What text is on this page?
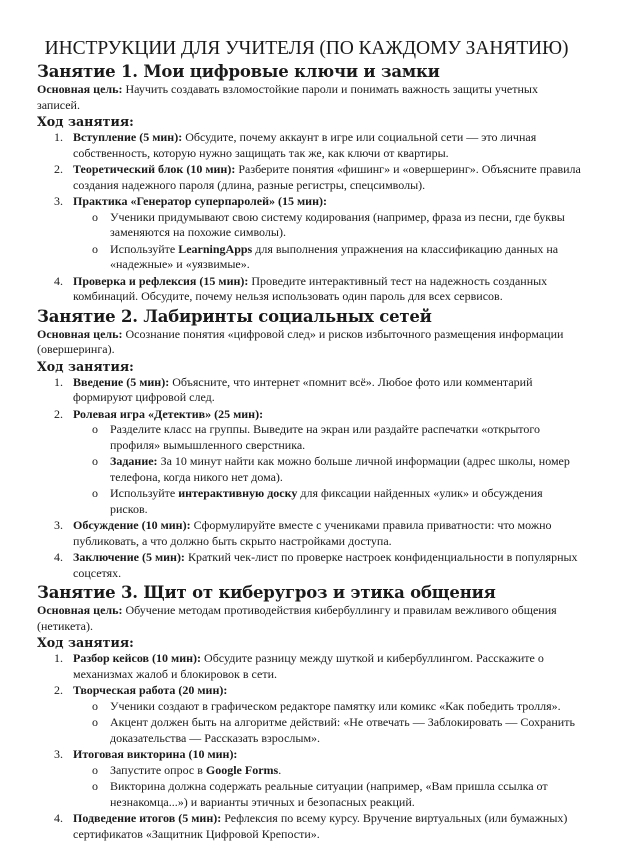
ИНСТРУКЦИИ ДЛЯ УЧИТЕЛЯ (ПО КАЖДОМУ ЗАНЯТИЮ)
Занятие 1. Мои цифровые ключи и замки

Основная цель: Научить создавать взломостойкие пароли и понимать важность защиты учетных записей.

Ход занятия:
1. Вступление (5 мин): Обсудите, почему аккаунт в игре или социальной сети — это личная собственность, которую нужно защищать так же, как ключи от квартиры.
2. Теоретический блок (10 мин): Разберите понятия «фишинг» и «овершеринг». Объясните правила создания надежного пароля (длина, разные регистры, спецсимволы).
3. Практика «Генератор суперпаролей» (15 мин):
o Ученики придумывают свою систему кодирования (например, фраза из песни, где буквы заменяются на похожие символы).
o Используйте LearningApps для выполнения упражнения на классификацию данных на «надежные» и «уязвимые».
4. Проверка и рефлексия (15 мин): Проведите интерактивный тест на надежность созданных комбинаций. Обсудите, почему нельзя использовать один пароль для всех сервисов.
Занятие 2. Лабиринты социальных сетей

Основная цель: Осознание понятия «цифровой след» и рисков избыточного размещения информации (овершеринга).

Ход занятия:
1. Введение (5 мин): Объясните, что интернет «помнит всё». Любое фото или комментарий формируют цифровой след.
2. Ролевая игра «Детектив» (25 мин):
o Разделите класс на группы. Выведите на экран или раздайте распечатки «открытого профиля» вымышленного сверстника.
o Задание: За 10 минут найти как можно больше личной информации (адрес школы, номер телефона, когда никого нет дома).
o Используйте интерактивную доску для фиксации найденных «улик» и обсуждения рисков.
3. Обсуждение (10 мин): Сформулируйте вместе с учениками правила приватности: что можно публиковать, а что должно быть скрыто настройками доступа.
4. Заключение (5 мин): Краткий чек-лист по проверке настроек конфиденциальности в популярных соцсетях.
Занятие 3. Щит от киберугроз и этика общения

Основная цель: Обучение методам противодействия кибербуллингу и правилам вежливого общения (нетикета).

Ход занятия:
1. Разбор кейсов (10 мин): Обсудите разницу между шуткой и кибербуллингом. Расскажите о механизмах жалоб и блокировок в сети.
2. Творческая работа (20 мин):
o Ученики создают в графическом редакторе памятку или комикс «Как победить тролля».
o Акцент должен быть на алгоритме действий: «Не отвечать — Заблокировать — Сохранить доказательства — Рассказать взрослым».
3. Итоговая викторина (10 мин):
o Запустите опрос в Google Forms.
o Викторина должна содержать реальные ситуации (например, «Вам пришла ссылка от незнакомца...») и варианты этичных и безопасных реакций.
4. Подведение итогов (5 мин): Рефлексия по всему курсу. Вручение виртуальных (или бумажных) сертификатов «Защитник Цифровой Крепости».
